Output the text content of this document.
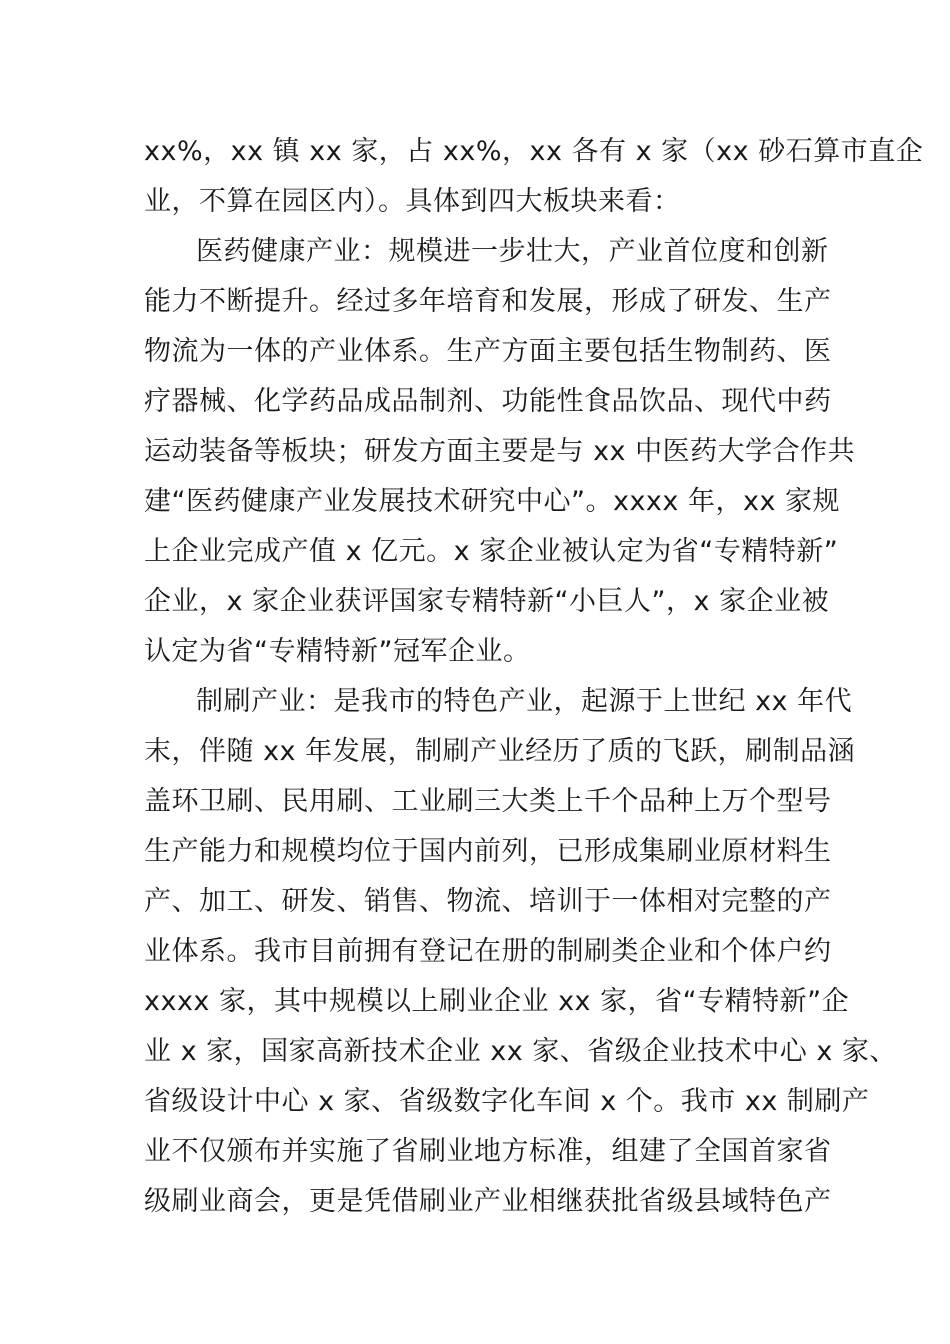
xx%，xx 镇 xx 家，占 xx%，xx 各有 x 家（xx 砂石算市直企
业，不算在园区内）。具体到四大板块来看：
医药健康产业：规模进一步壮大，产业首位度和创新
能力不断提升。经过多年培育和发展，形成了研发、生产
物流为一体的产业体系。生产方面主要包括生物制药、医
疗器械、化学药品成品制剂、功能性食品饮品、现代中药
运动装备等板块；研发方面主要是与 xx 中医药大学合作共
建“医药健康产业发展技术研究中心”。xxxx 年，xx 家规
上企业完成产值 x 亿元。x 家企业被认定为省“专精特新”
企业，x 家企业获评国家专精特新“小巨人”，x 家企业被
认定为省“专精特新”冠军企业。
制刷产业：是我市的特色产业，起源于上世纪 xx 年代
末，伴随 xx 年发展，制刷产业经历了质的飞跃，刷制品涵
盖环卫刷、民用刷、工业刷三大类上千个品种上万个型号
生产能力和规模均位于国内前列，已形成集刷业原材料生
产、加工、研发、销售、物流、培训于一体相对完整的产
业体系。我市目前拥有登记在册的制刷类企业和个体户约
xxxx 家，其中规模以上刷业企业 xx 家，省“专精特新”企
业 x 家，国家高新技术企业 xx 家、省级企业技术中心 x 家、
省级设计中心 x 家、省级数字化车间 x 个。我市 xx 制刷产
业不仅颁布并实施了省刷业地方标准，组建了全国首家省
级刷业商会，更是凭借刷业产业相继获批省级县域特色产
